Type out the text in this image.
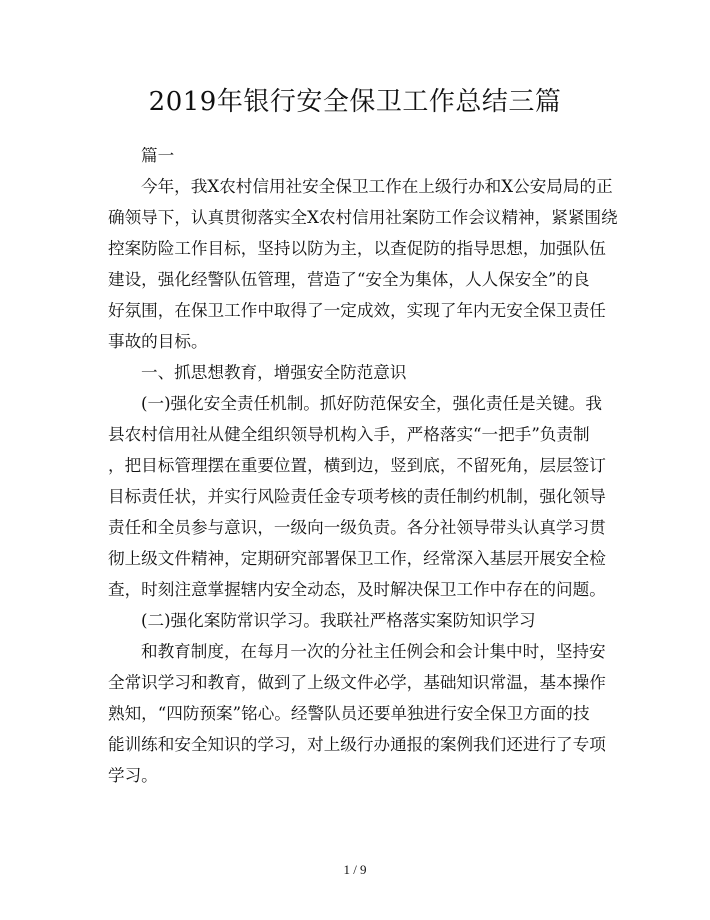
2019年银行安全保卫工作总结三篇
篇一
今年，我X农村信用社安全保卫工作在上级行办和X公安局局的正
确领导下，认真贯彻落实全X农村信用社案防工作会议精神，紧紧围绕
控案防险工作目标，坚持以防为主，以查促防的指导思想，加强队伍
建设，强化经警队伍管理，营造了“安全为集体，人人保安全”的良
好氛围，在保卫工作中取得了一定成效，实现了年内无安全保卫责任
事故的目标。
一、抓思想教育，增强安全防范意识
(一)强化安全责任机制。抓好防范保安全，强化责任是关键。我
县农村信用社从健全组织领导机构入手，严格落实“一把手”负责制
，把目标管理摆在重要位置，横到边，竖到底，不留死角，层层签订
目标责任状，并实行风险责任金专项考核的责任制约机制，强化领导
责任和全员参与意识，一级向一级负责。各分社领导带头认真学习贯
彻上级文件精神，定期研究部署保卫工作，经常深入基层开展安全检
查，时刻注意掌握辖内安全动态，及时解决保卫工作中存在的问题。
(二)强化案防常识学习。我联社严格落实案防知识学习
和教育制度，在每月一次的分社主任例会和会计集中时，坚持安
全常识学习和教育，做到了上级文件必学，基础知识常温，基本操作
熟知，“四防预案”铭心。经警队员还要单独进行安全保卫方面的技
能训练和安全知识的学习，对上级行办通报的案例我们还进行了专项
学习。
1 / 9
